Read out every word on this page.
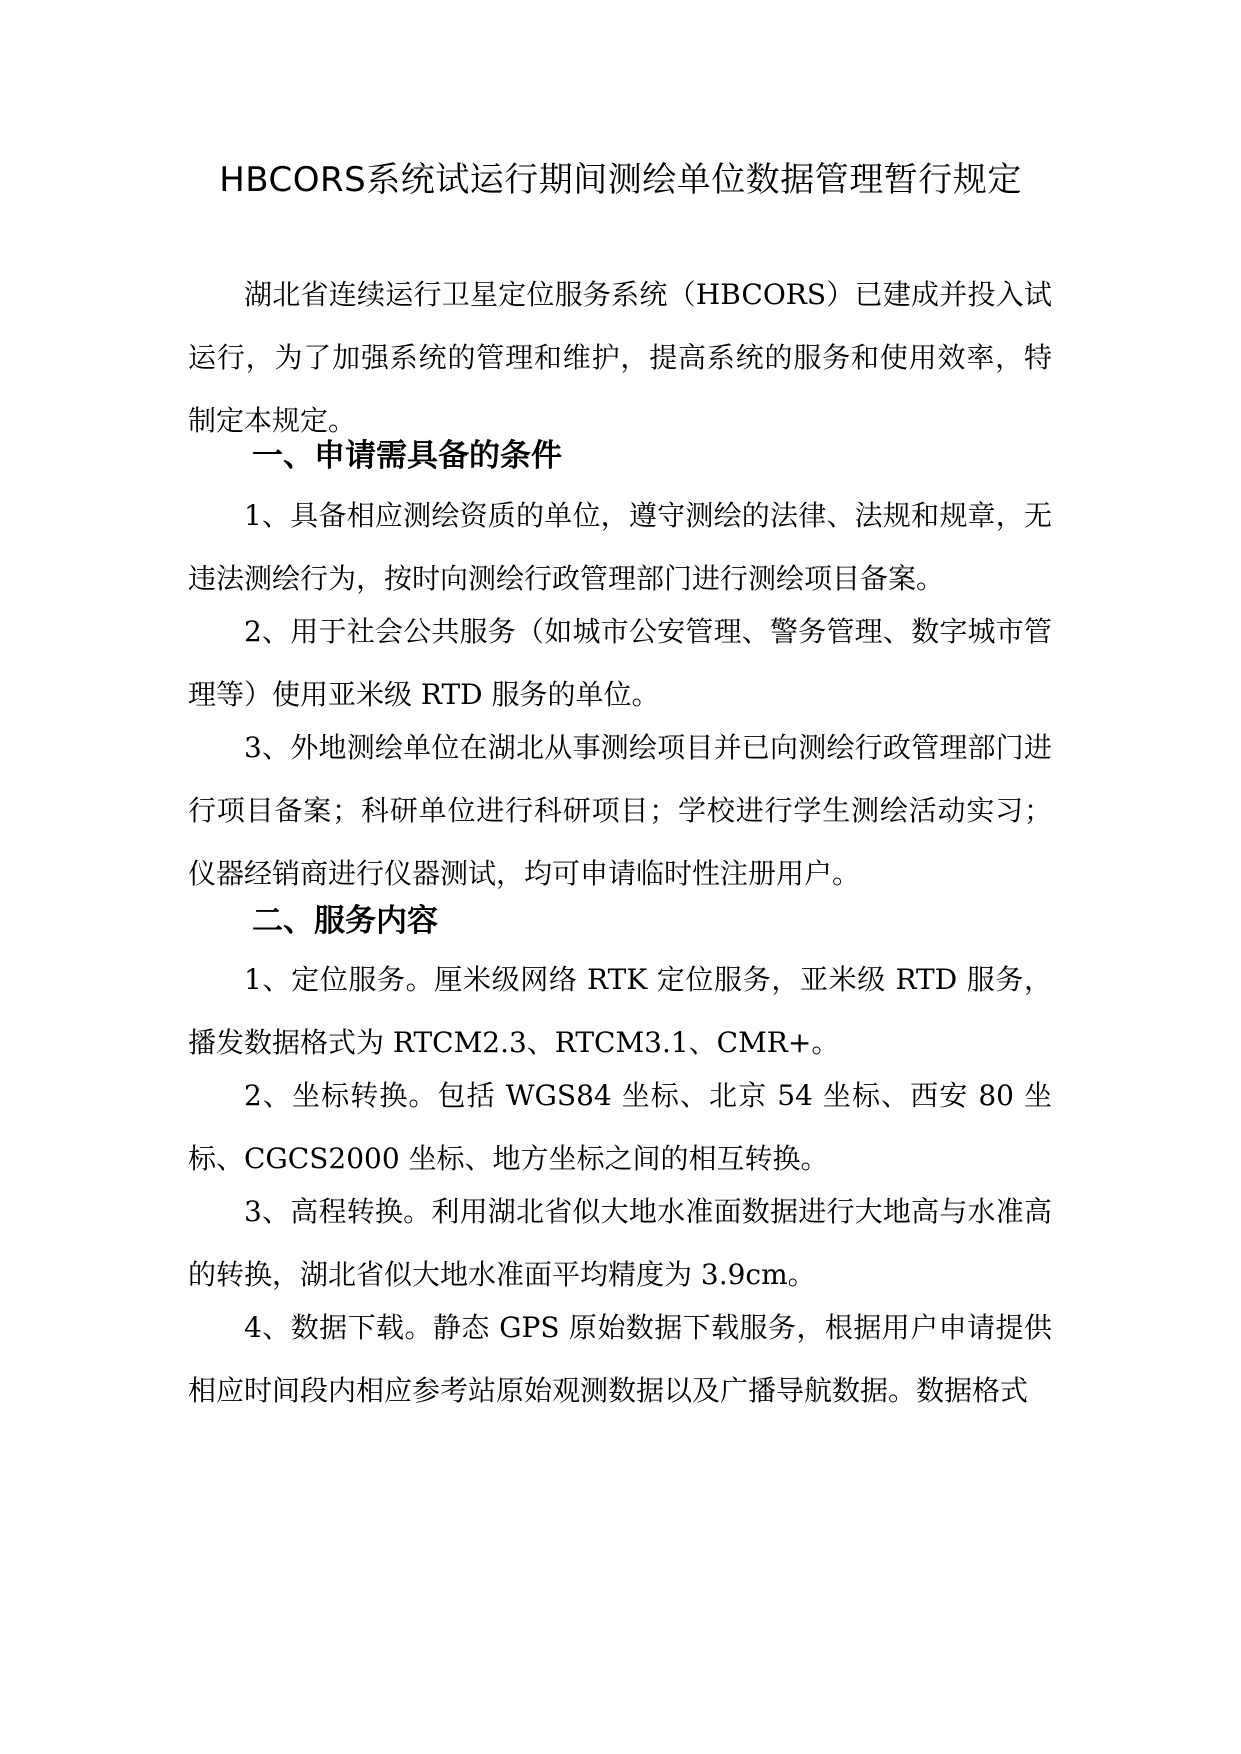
HBCORS系统试运行期间测绘单位数据管理暂行规定

湖北省连续运行卫星定位服务系统（HBCORS）已建成并投入试运行，为了加强系统的管理和维护，提高系统的服务和使用效率，特制定本规定。

一、申请需具备的条件

1、具备相应测绘资质的单位，遵守测绘的法律、法规和规章，无违法测绘行为，按时向测绘行政管理部门进行测绘项目备案。

2、用于社会公共服务（如城市公安管理、警务管理、数字城市管理等）使用亚米级 RTD 服务的单位。

3、外地测绘单位在湖北从事测绘项目并已向测绘行政管理部门进行项目备案；科研单位进行科研项目；学校进行学生测绘活动实习；仪器经销商进行仪器测试，均可申请临时性注册用户。

二、服务内容

1、定位服务。厘米级网络 RTK 定位服务，亚米级 RTD 服务，播发数据格式为 RTCM2.3、RTCM3.1、CMR+。

2、坐标转换。包括 WGS84 坐标、北京 54 坐标、西安 80 坐标、CGCS2000 坐标、地方坐标之间的相互转换。

3、高程转换。利用湖北省似大地水准面数据进行大地高与水准高的转换，湖北省似大地水准面平均精度为 3.9cm。

4、数据下载。静态 GPS 原始数据下载服务，根据用户申请提供相应时间段内相应参考站原始观测数据以及广播导航数据。数据格式
